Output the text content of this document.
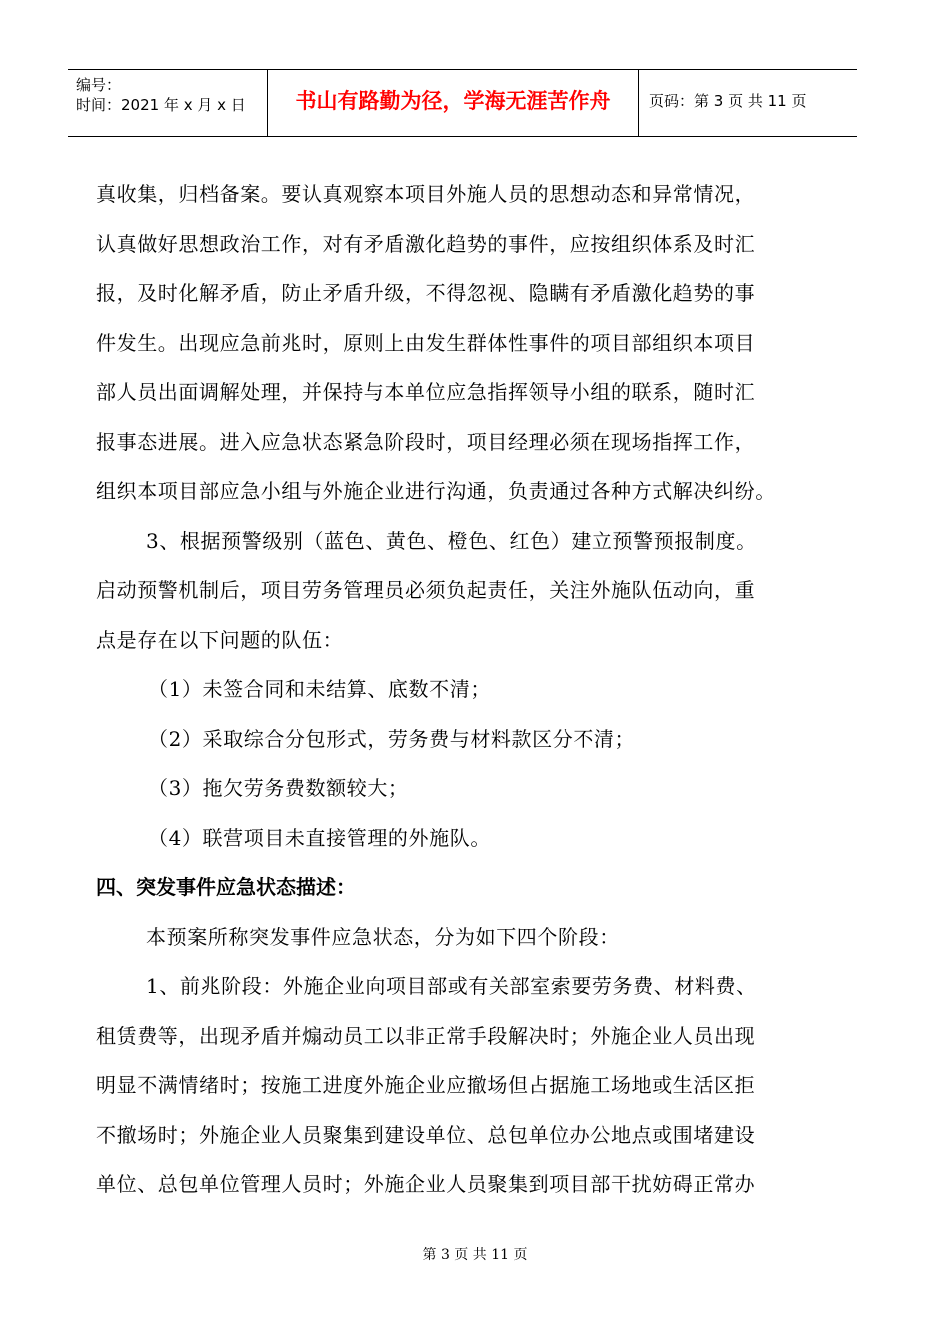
编号：
时间：2021 年 x 月 x 日	书山有路勤为径，学海无涯苦作舟	页码：第 3 页 共 11 页
真收集，归档备案。要认真观察本项目外施人员的思想动态和异常情况，
认真做好思想政治工作，对有矛盾激化趋势的事件，应按组织体系及时汇
报，及时化解矛盾，防止矛盾升级，不得忽视、隐瞒有矛盾激化趋势的事
件发生。出现应急前兆时，原则上由发生群体性事件的项目部组织本项目
部人员出面调解处理，并保持与本单位应急指挥领导小组的联系，随时汇
报事态进展。进入应急状态紧急阶段时，项目经理必须在现场指挥工作，
组织本项目部应急小组与外施企业进行沟通，负责通过各种方式解决纠纷。
3、根据预警级别（蓝色、黄色、橙色、红色）建立预警预报制度。
启动预警机制后，项目劳务管理员必须负起责任，关注外施队伍动向，重
点是存在以下问题的队伍：
（1）未签合同和未结算、底数不清；
（2）采取综合分包形式，劳务费与材料款区分不清；
（3）拖欠劳务费数额较大；
（4）联营项目未直接管理的外施队。
四、突发事件应急状态描述：
本预案所称突发事件应急状态，分为如下四个阶段：
1、前兆阶段：外施企业向项目部或有关部室索要劳务费、材料费、
租赁费等，出现矛盾并煽动员工以非正常手段解决时；外施企业人员出现
明显不满情绪时；按施工进度外施企业应撤场但占据施工场地或生活区拒
不撤场时；外施企业人员聚集到建设单位、总包单位办公地点或围堵建设
单位、总包单位管理人员时；外施企业人员聚集到项目部干扰妨碍正常办
第 3 页 共 11 页
